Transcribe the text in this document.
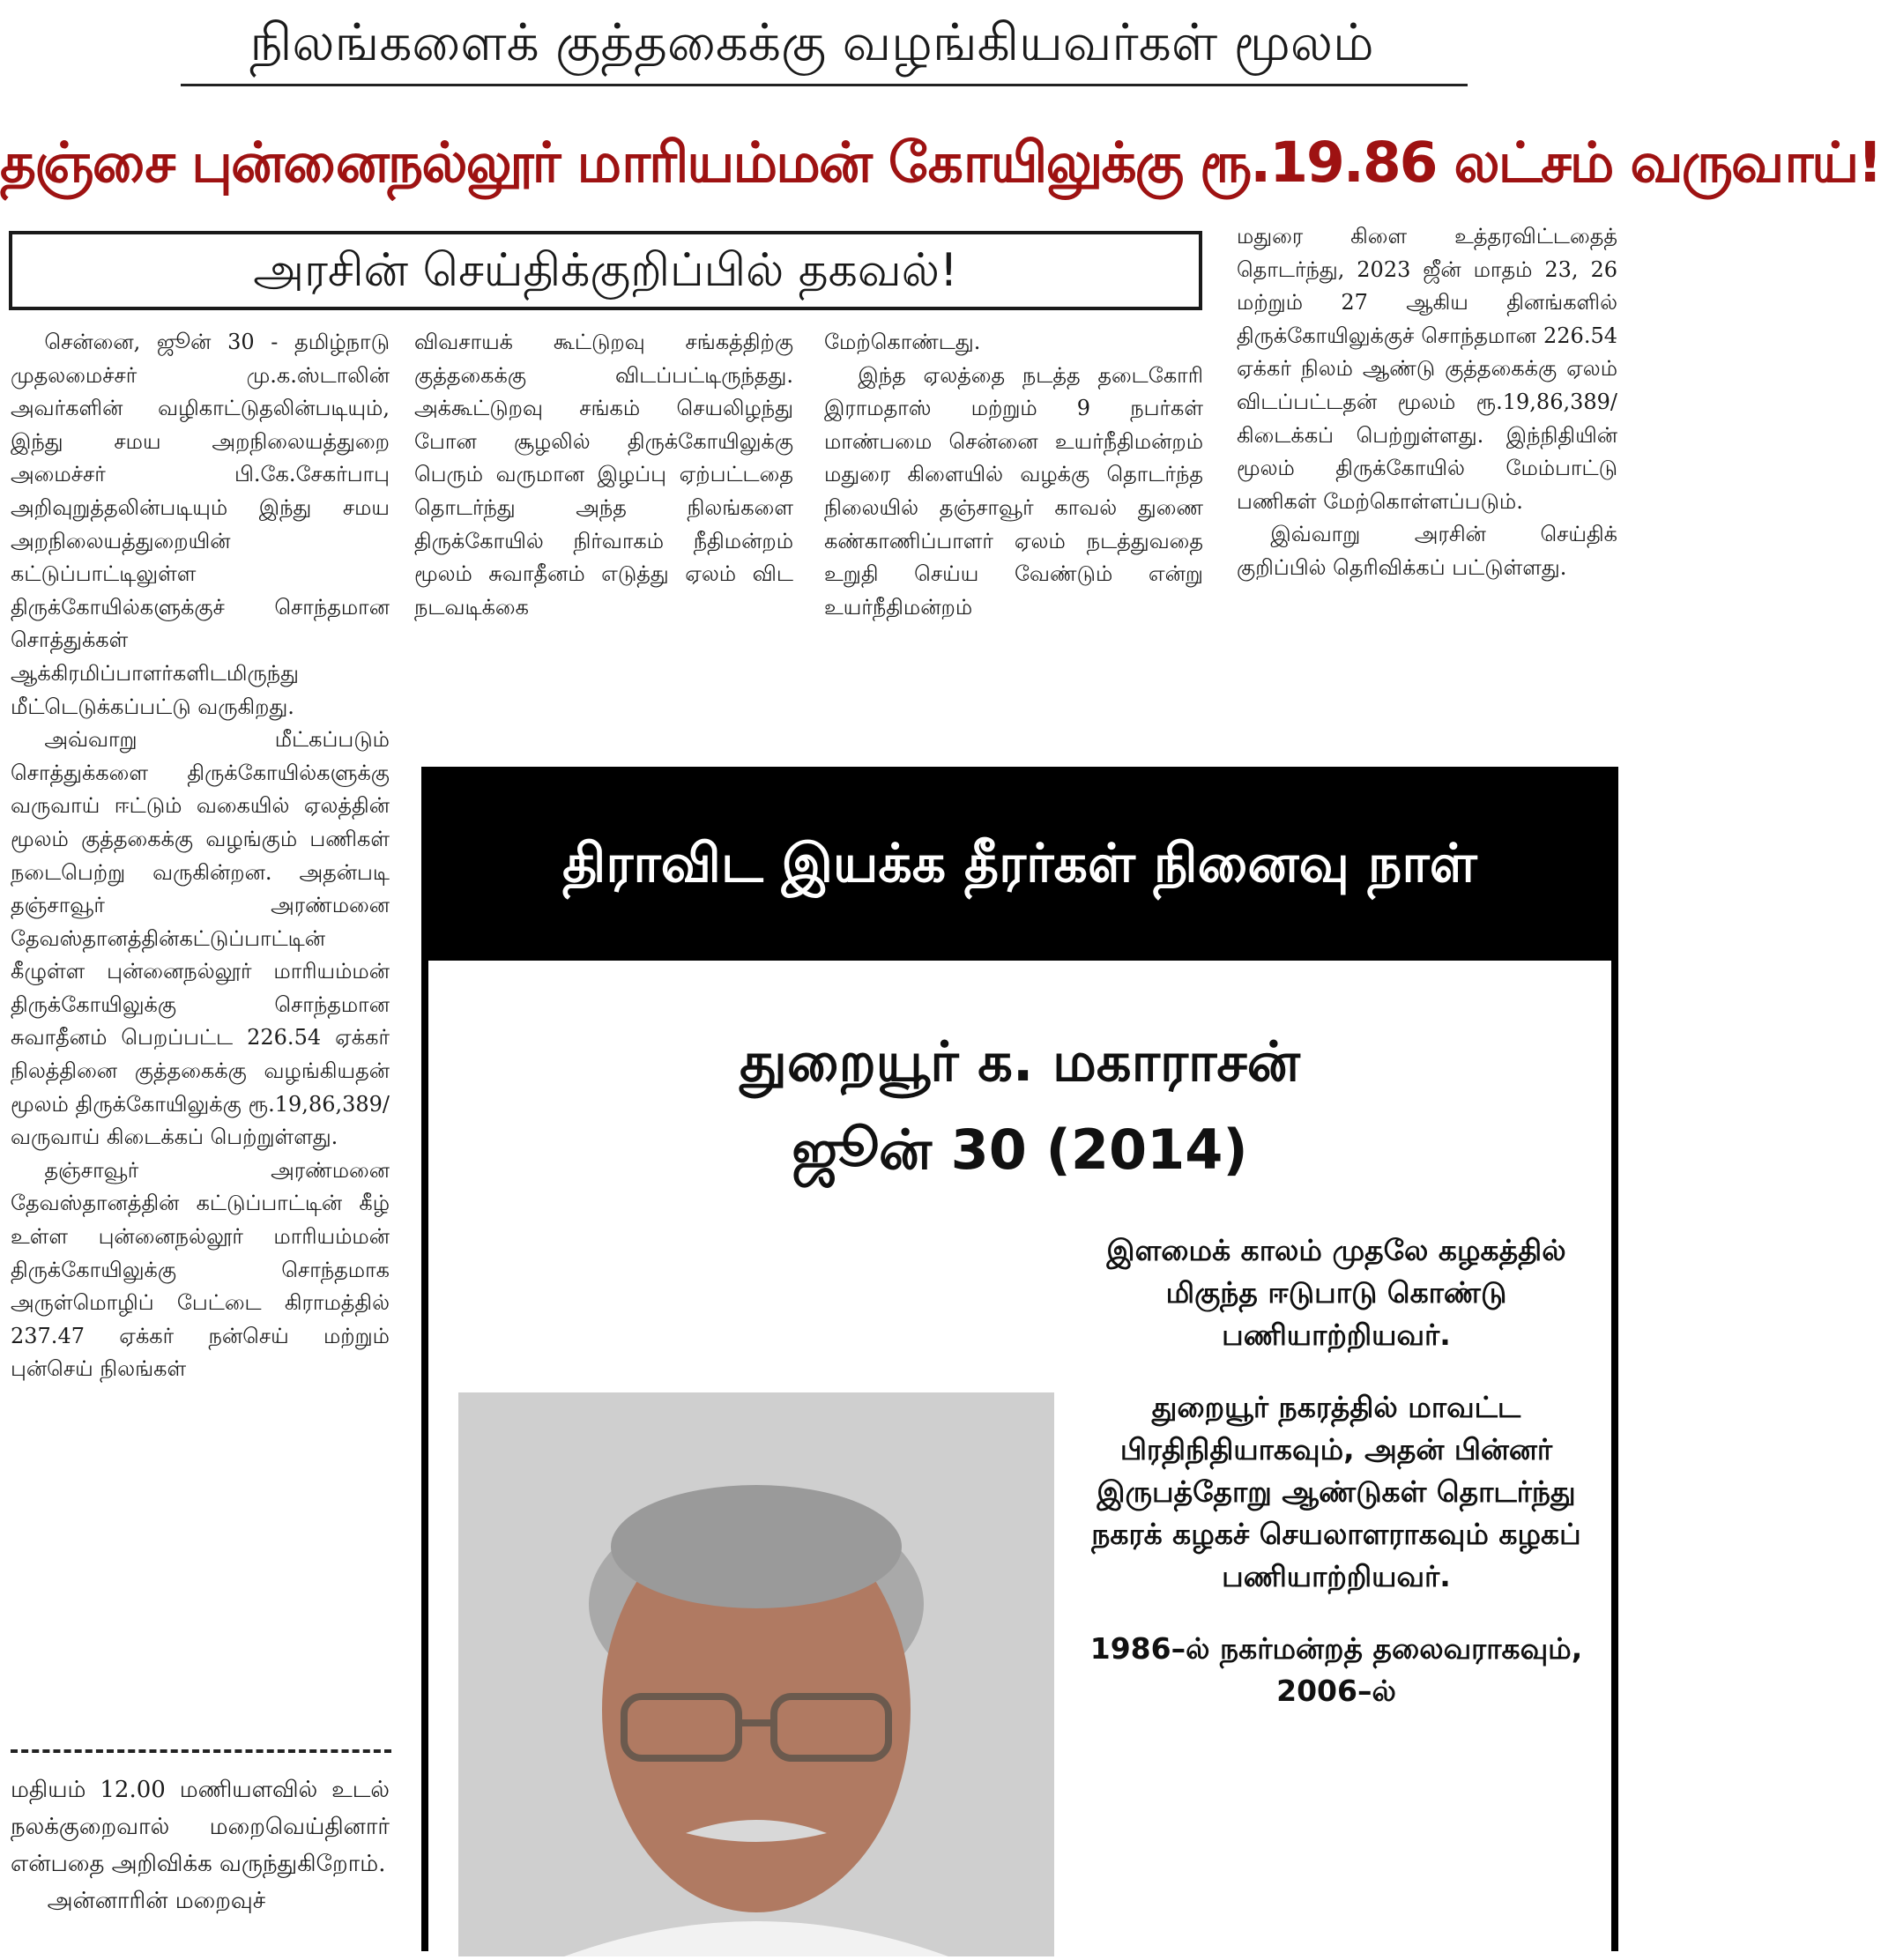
நிலங்களைக் குத்தகைக்கு வழங்கியவர்கள் மூலம்
தஞ்சை புன்னைநல்லூர் மாரியம்மன் கோயிலுக்கு ரூ.19.86 லட்சம் வருவாய்!
அரசின் செய்திக்குறிப்பில் தகவல்!

சென்னை, ஜூன் 30 - தமிழ்நாடு முதலமைச்சர் மு.க.ஸ்டாலின் அவர்களின் வழிகாட்டுதலின்படியும், இந்து சமய அறநிலையத்துறை அமைச்சர் பி.கே.சேகர்பாபு அறிவுறுத்தலின்படியும் இந்து சமய அறநிலையத்துறையின் கட்டுப்பாட்டிலுள்ள திருக்கோயில்களுக்குச் சொந்தமான சொத்துக்கள் ஆக்கிரமிப்பாளர்களிடமிருந்து மீட்டெடுக்கப்பட்டு வருகிறது.

அவ்வாறு மீட்கப்படும் சொத்துக்களை திருக்கோயில்களுக்கு வருவாய் ஈட்டும் வகையில் ஏலத்தின் மூலம் குத்தகைக்கு வழங்கும் பணிகள் நடைபெற்று வருகின்றன. அதன்படி தஞ்சாவூர் அரண்மனை தேவஸ்தானத்தின்கட்டுப்பாட்டின் கீழுள்ள புன்னைநல்லூர் மாரியம்மன் திருக்கோயிலுக்கு சொந்தமான சுவாதீனம் பெறப்பட்ட 226.54 ஏக்கர் நிலத்தினை குத்தகைக்கு வழங்கியதன் மூலம் திருக்கோயிலுக்கு ரூ.19,86,389/ வருவாய் கிடைக்கப் பெற்றுள்ளது.

தஞ்சாவூர் அரண்மனை தேவஸ்தானத்தின் கட்டுப்பாட்டின் கீழ் உள்ள புன்னைநல்லூர் மாரியம்மன் திருக்கோயிலுக்கு சொந்தமாக அருள்மொழிப் பேட்டை கிராமத்தில் 237.47 ஏக்கர் நன்செய் மற்றும் புன்செய் நிலங்கள்

விவசாயக் கூட்டுறவு சங்கத்திற்கு குத்தகைக்கு விடப்பட்டிருந்தது. அக்கூட்டுறவு சங்கம் செயலிழந்து போன சூழலில் திருக்கோயிலுக்கு பெரும் வருமான இழப்பு ஏற்பட்டதை தொடர்ந்து அந்த நிலங்களை திருக்கோயில் நிர்வாகம் நீதிமன்றம் மூலம் சுவாதீனம் எடுத்து ஏலம் விட நடவடிக்கை

மேற்கொண்டது.

இந்த ஏலத்தை நடத்த தடைகோரி இராமதாஸ் மற்றும் 9 நபர்கள் மாண்பமை சென்னை உயர்நீதிமன்றம் மதுரை கிளையில் வழக்கு தொடர்ந்த நிலையில் தஞ்சாவூர் காவல் துணை கண்காணிப்பாளர் ஏலம் நடத்துவதை உறுதி செய்ய வேண்டும் என்று உயர்நீதிமன்றம்

மதுரை கிளை உத்தரவிட்டதைத் தொடர்ந்து, 2023 ஜீன் மாதம் 23, 26 மற்றும் 27 ஆகிய தினங்களில் திருக்கோயிலுக்குச் சொந்தமான 226.54 ஏக்கர் நிலம் ஆண்டு குத்தகைக்கு ஏலம் விடப்பட்டதன் மூலம் ரூ.19,86,389/ கிடைக்கப் பெற்றுள்ளது. இந்நிதியின் மூலம் திருக்கோயில் மேம்பாட்டு பணிகள் மேற்கொள்ளப்படும்.

இவ்வாறு அரசின் செய்திக் குறிப்பில் தெரிவிக்கப் பட்டுள்ளது.

மதியம் 12.00 மணியளவில் உடல் நலக்குறைவால் மறைவெய்தினார் என்பதை அறிவிக்க வருந்துகிறோம்.

அன்னாரின் மறைவுச்

திராவிட இயக்க தீரர்கள் நினைவு நாள்
துறையூர் க. மகாராசன்
ஜூன் 30 (2014)

இளமைக் காலம் முதலே கழகத்தில் மிகுந்த ஈடுபாடு கொண்டு பணியாற்றியவர்.

துறையூர் நகரத்தில் மாவட்ட பிரதிநிதியாகவும், அதன் பின்னர் இருபத்தோறு ஆண்டுகள் தொடர்ந்து நகரக் கழகச் செயலாளராகவும் கழகப் பணியாற்றியவர்.

1986–ல் நகர்மன்றத் தலைவராகவும், 2006–ல்
